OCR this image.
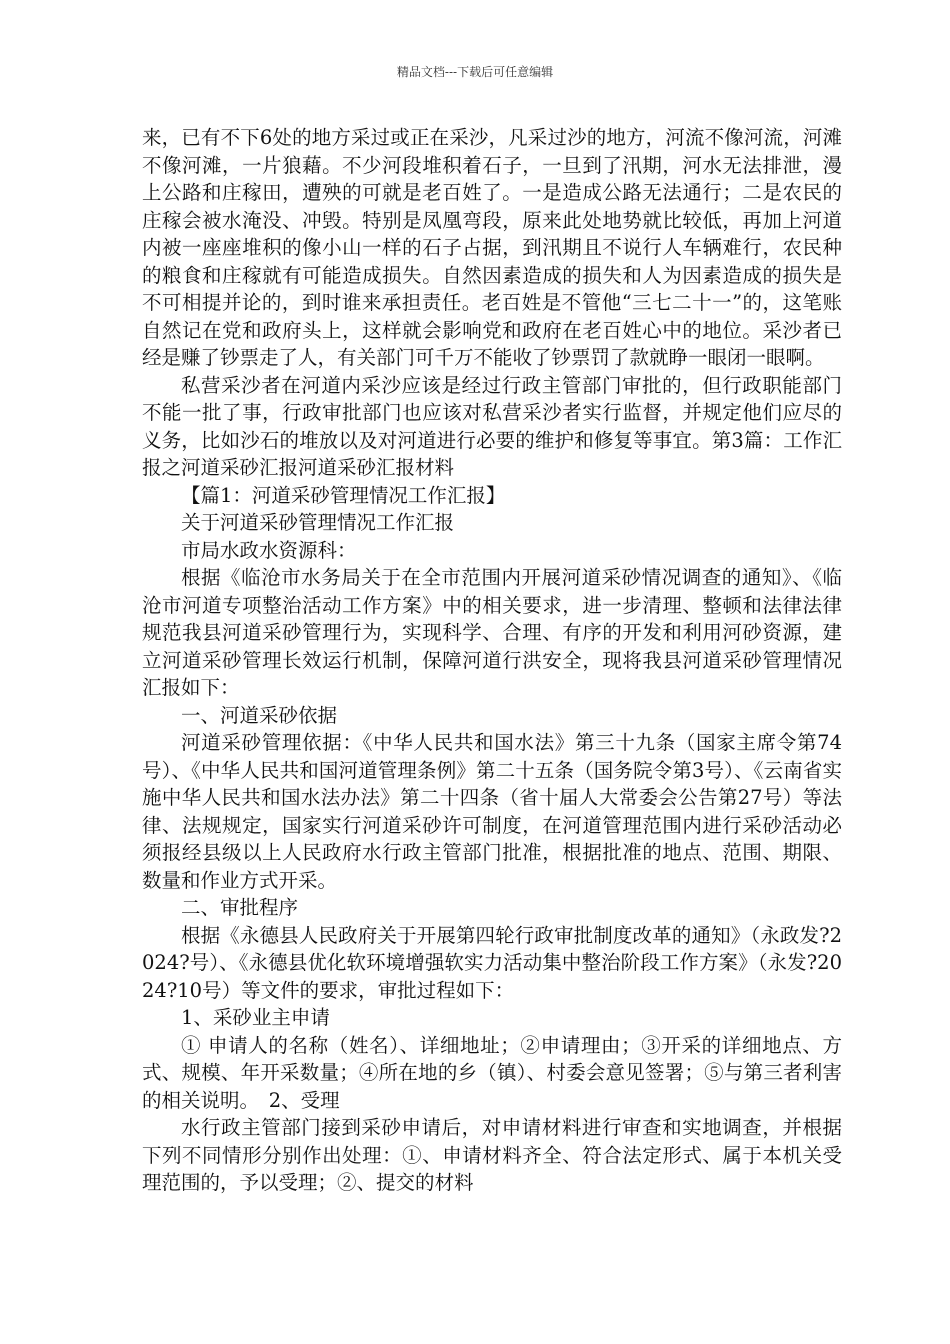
精品文档---下载后可任意编辑

来，已有不下6处的地方采过或正在采沙，凡采过沙的地方，河流不像河流，河滩不像河滩，一片狼藉。不少河段堆积着石子，一旦到了汛期，河水无法排泄，漫上公路和庄稼田，遭殃的可就是老百姓了。一是造成公路无法通行；二是农民的庄稼会被水淹没、冲毁。特别是凤凰弯段，原来此处地势就比较低，再加上河道内被一座座堆积的像小山一样的石子占据，到汛期且不说行人车辆难行，农民种的粮食和庄稼就有可能造成损失。自然因素造成的损失和人为因素造成的损失是不可相提并论的，到时谁来承担责任。老百姓是不管他“三七二十一”的，这笔账自然记在党和政府头上，这样就会影响党和政府在老百姓心中的地位。采沙者已经是赚了钞票走了人，有关部门可千万不能收了钞票罚了款就睁一眼闭一眼啊。

私营采沙者在河道内采沙应该是经过行政主管部门审批的，但行政职能部门不能一批了事，行政审批部门也应该对私营采沙者实行监督，并规定他们应尽的义务，比如沙石的堆放以及对河道进行必要的维护和修复等事宜。第3篇：工作汇报之河道采砂汇报河道采砂汇报材料

【篇1：河道采砂管理情况工作汇报】

关于河道采砂管理情况工作汇报

市局水政水资源科：

根据《临沧市水务局关于在全市范围内开展河道采砂情况调查的通知》、《临沧市河道专项整治活动工作方案》中的相关要求，进一步清理、整顿和法律法律规范我县河道采砂管理行为，实现科学、合理、有序的开发和利用河砂资源，建立河道采砂管理长效运行机制，保障河道行洪安全，现将我县河道采砂管理情况汇报如下：

一、河道采砂依据

河道采砂管理依据：《中华人民共和国水法》第三十九条（国家主席令第74号）、《中华人民共和国河道管理条例》第二十五条（国务院令第3号）、《云南省实施中华人民共和国水法办法》第二十四条（省十届人大常委会公告第27号）等法律、法规规定，国家实行河道采砂许可制度，在河道管理范围内进行采砂活动必须报经县级以上人民政府水行政主管部门批准，根据批准的地点、范围、期限、数量和作业方式开采。

二、审批程序

根据《永德县人民政府关于开展第四轮行政审批制度改革的通知》（永政发?2024?号）、《永德县优化软环境增强软实力活动集中整治阶段工作方案》（永发?2024?10号）等文件的要求，审批过程如下：

1、采砂业主申请

① 申请人的名称（姓名）、详细地址；②申请理由；③开采的详细地点、方式、规模、年开采数量；④所在地的乡（镇）、村委会意见签署；⑤与第三者利害的相关说明。　2、受理

水行政主管部门接到采砂申请后，对申请材料进行审查和实地调查，并根据下列不同情形分别作出处理：①、申请材料齐全、符合法定形式、属于本机关受理范围的，予以受理；②、提交的材料
